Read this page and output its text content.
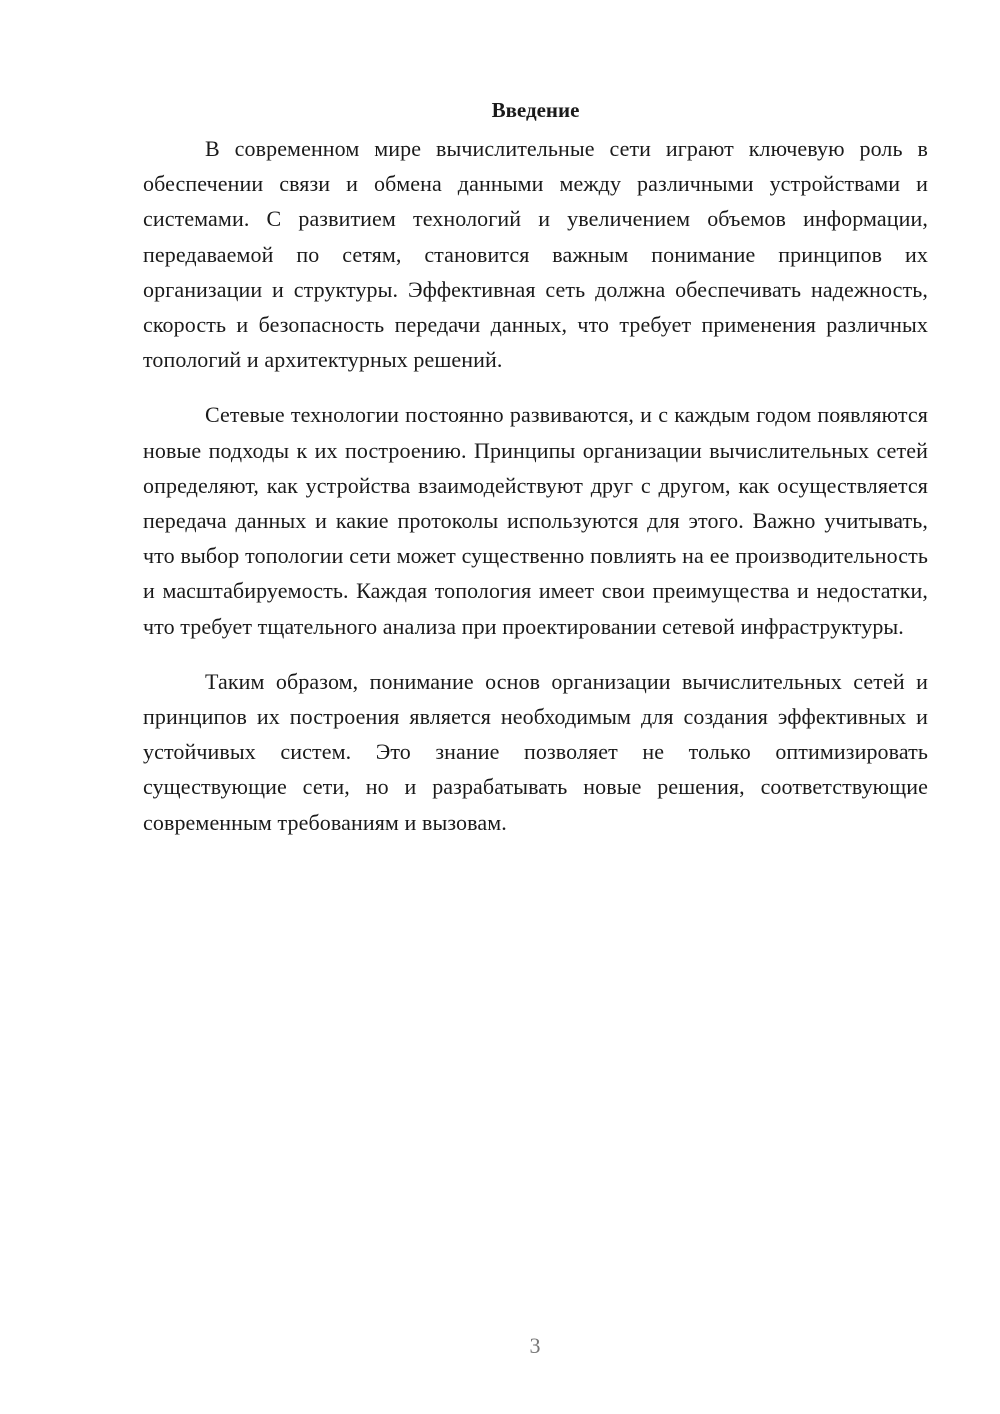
Введение

В современном мире вычислительные сети играют ключевую роль в обеспечении связи и обмена данными между различными устройствами и системами. С развитием технологий и увеличением объемов информации, передаваемой по сетям, становится важным понимание принципов их организации и структуры. Эффективная сеть должна обеспечивать надежность, скорость и безопасность передачи данных, что требует применения различных топологий и архитектурных решений.

Сетевые технологии постоянно развиваются, и с каждым годом появляются новые подходы к их построению. Принципы организации вычислительных сетей определяют, как устройства взаимодействуют друг с другом, как осуществляется передача данных и какие протоколы используются для этого. Важно учитывать, что выбор топологии сети может существенно повлиять на ее производительность и масштабируемость. Каждая топология имеет свои преимущества и недостатки, что требует тщательного анализа при проектировании сетевой инфраструктуры.

Таким образом, понимание основ организации вычислительных сетей и принципов их построения является необходимым для создания эффективных и устойчивых систем. Это знание позволяет не только оптимизировать существующие сети, но и разрабатывать новые решения, соответствующие современным требованиям и вызовам.

3
